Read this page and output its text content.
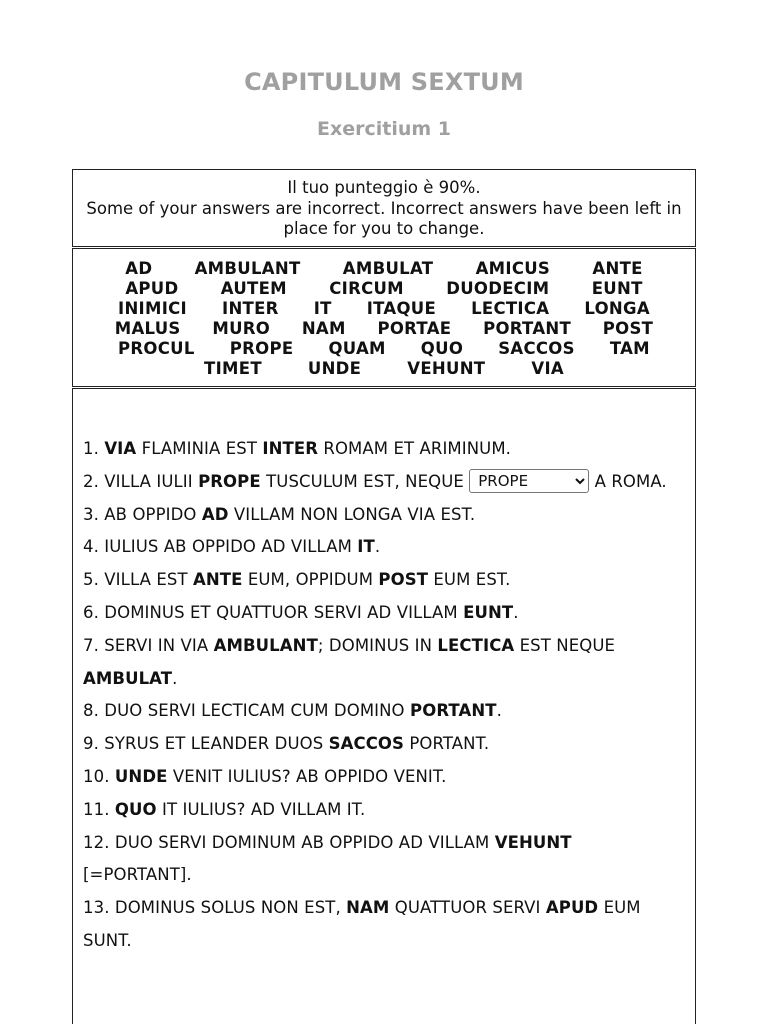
CAPITULUM SEXTUM
Exercitium 1
Il tuo punteggio è 90%.
Some of your answers are incorrect. Incorrect answers have been left in place for you to change.
AD	AMBULANT	AMBULAT	AMICUS	ANTE
APUD	AUTEM	CIRCUM	DUODECIM	EUNT
INIMICI INTER IT ITAQUE LECTICA LONGA
MALUS MURO NAM PORTAE PORTANT POST
PROCUL PROPE QUAM QUO SACCOS TAM
TIMET	UNDE	VEHUNT	VIA

1. VIA FLAMINIA EST INTER ROMAM ET ARIMINUM.

2. VILLA IULII PROPE TUSCULUM EST, NEQUE
PROPE	A ROMA.

3. AB OPPIDO AD VILLAM NON LONGA VIA EST.

4. IULIUS AB OPPIDO AD VILLAM IT.

5. VILLA EST ANTE EUM, OPPIDUM POST EUM EST.

6. DOMINUS ET QUATTUOR SERVI AD VILLAM EUNT.

7. SERVI IN VIA AMBULANT; DOMINUS IN LECTICA EST NEQUE AMBULAT.

8. DUO SERVI LECTICAM CUM DOMINO PORTANT.

9. SYRUS ET LEANDER DUOS SACCOS PORTANT.

10. UNDE VENIT IULIUS? AB OPPIDO VENIT.

11. QUO IT IULIUS? AD VILLAM IT.

12. DUO SERVI DOMINUM AB OPPIDO AD VILLAM VEHUNT [=PORTANT].

13. DOMINUS SOLUS NON EST, NAM QUATTUOR SERVI APUD EUM SUNT.
